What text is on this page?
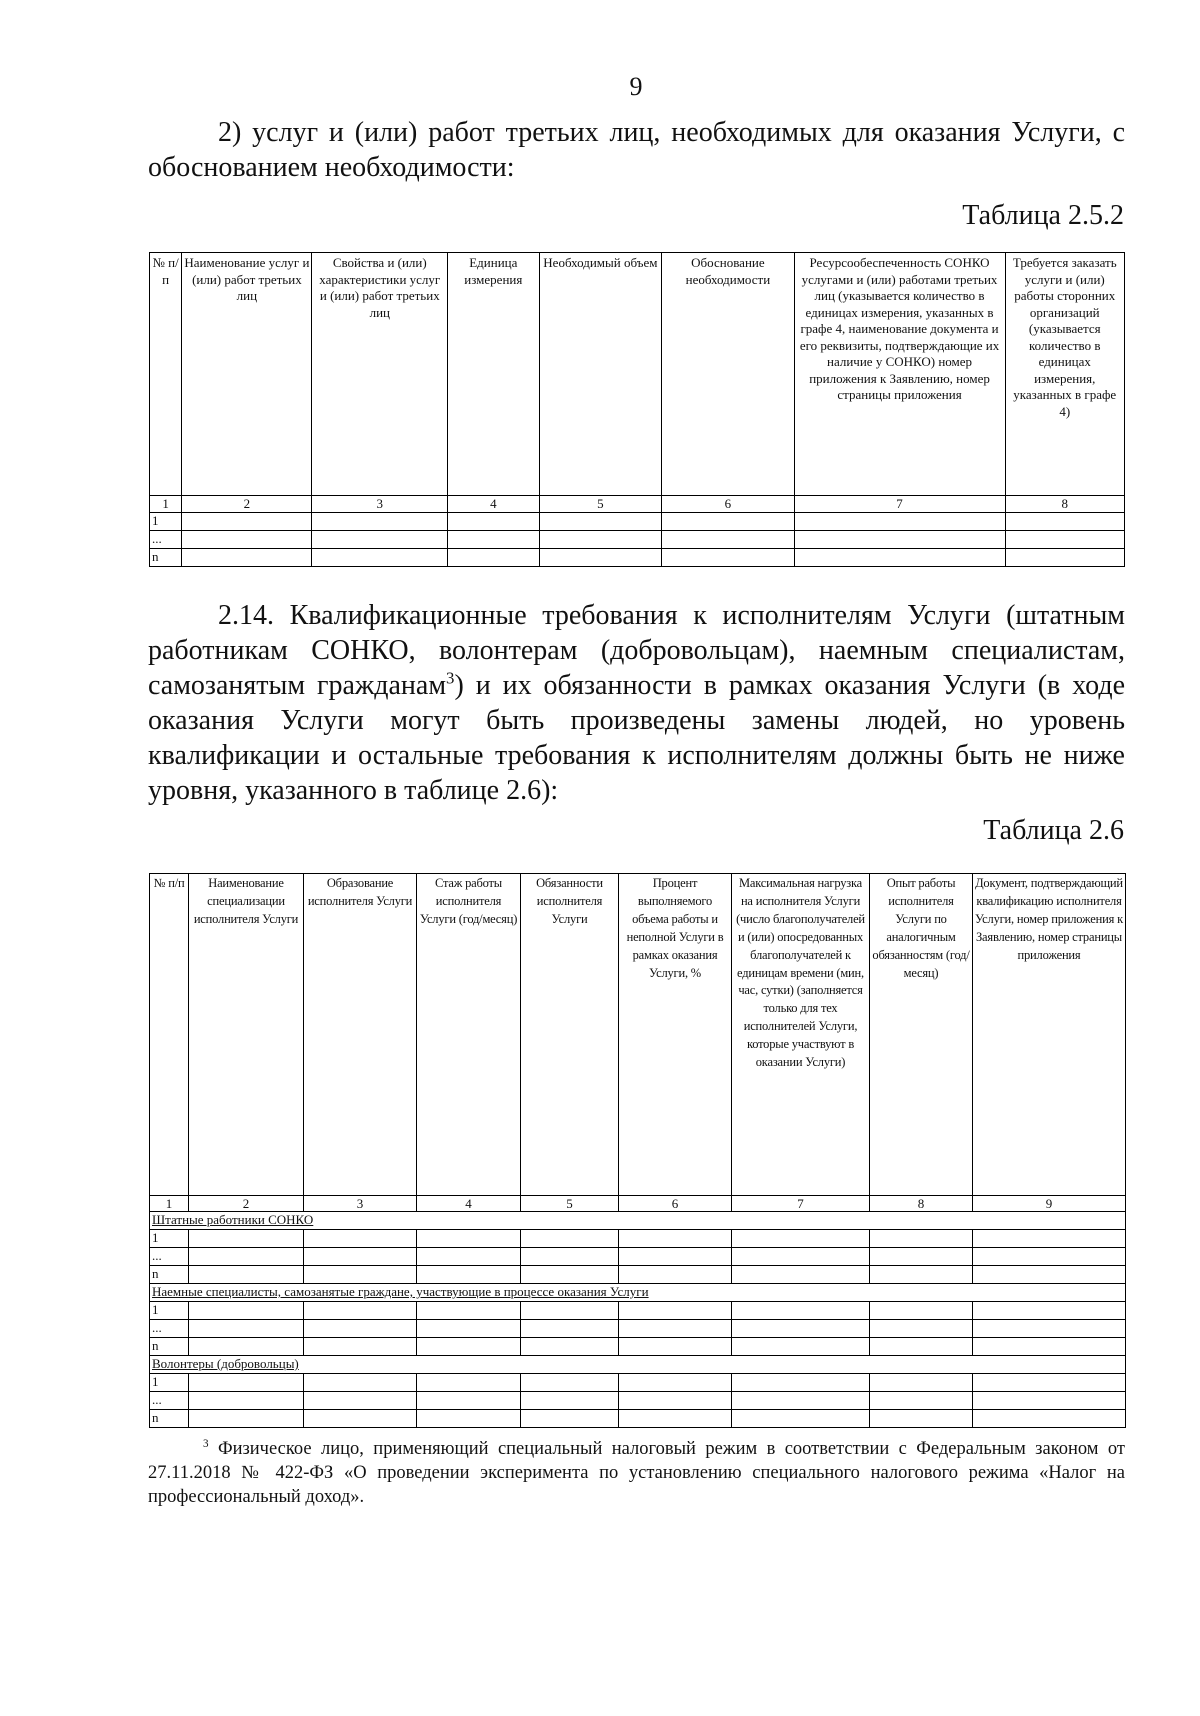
9
2) услуг и (или) работ третьих лиц, необходимых для оказания Услуги, с обоснованием необходимости:
Таблица 2.5.2
№ п/п	Наименование услуг и (или) работ третьих лиц	Свойства и (или) характеристики услуг и (или) работ третьих лиц	Единица измерения	Необходимый объем	Обоснование необходимости	Ресурсообеспеченность СОНКО услугами и (или) работами третьих лиц (указывается количество в единицах измерения, указанных в графе 4, наименование документа и его реквизиты, подтверждающие их наличие у СОНКО) номер приложения к Заявлению, номер страницы приложения	Требуется заказать услуги и (или) работы сторонних организаций (указывается количество в единицах измерения, указанных в графе 4)
1	2	3	4	5	6	7	8
1							
...							
n							
2.14. Квалификационные требования к исполнителям Услуги (штатным работникам СОНКО, волонтерам (добровольцам), наемным специалистам, самозанятым гражданам$^3$) и их обязанности в рамках оказания Услуги (в ходе оказания Услуги могут быть произведены замены людей, но уровень квалификации и остальные требования к исполнителям должны быть не ниже уровня, указанного в таблице 2.6):
Таблица 2.6
№ п/п	Наименование специализации исполнителя Услуги	Образование исполнителя Услуги	Стаж работы исполнителя Услуги (год/месяц)	Обязанности исполнителя Услуги	Процент выполняемого объема работы и неполной Услуги в рамках оказания Услуги, %	Максимальная нагрузка на исполнителя Услуги (число благополучателей и (или) опосредованных благополучателей к единицам времени (мин, час, сутки) (заполняется только для тех исполнителей Услуги, которые участвуют в оказании Услуги)	Опыт работы исполнителя Услуги по аналогичным обязанностям (год/месяц)	Документ, подтверждающий квалификацию исполнителя Услуги, номер приложения к Заявлению, номер страницы приложения
1	2	3	4	5	6	7	8	9
Штатные работники СОНКО								
1								
...								
n								
Наемные специалисты, самозанятые граждане, участвующие в процессе оказания Услуги								
1								
...								
n								
Волонтеры (добровольцы)								
1								
...								
n								
$^3$ Физическое лицо, применяющий специальный налоговый режим в соответствии с Федеральным законом от 27.11.2018 № 422-ФЗ «О проведении эксперимента по установлению специального налогового режима «Налог на профессиональный доход».
